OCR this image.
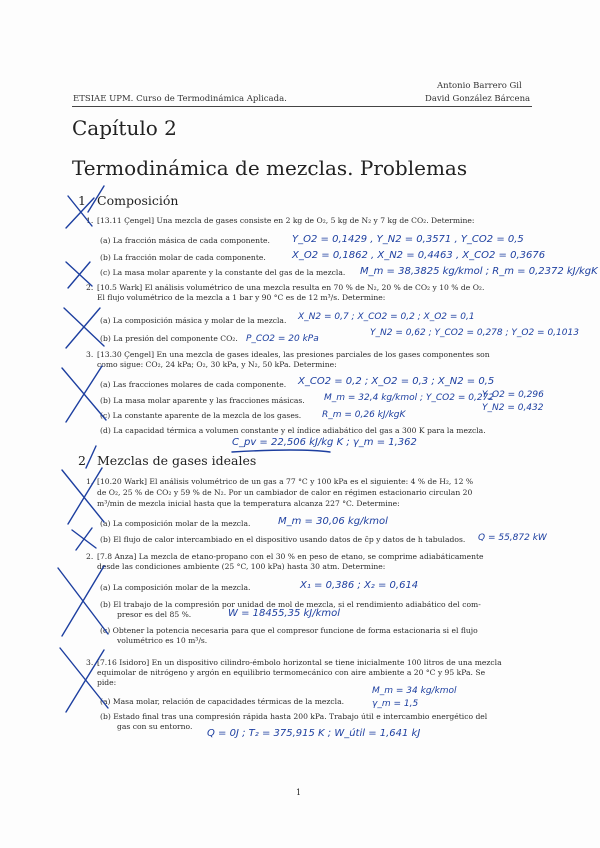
Antonio Barrero Gil
ETSIAE UPM. Curso de Termodinámica Aplicada.	David González Bárcena
Capítulo 2
Termodinámica de mezclas. Problemas
1 Composición
1. [13.11 Çengel] Una mezcla de gases consiste en 2 kg de O₂, 5 kg de N₂ y 7 kg de CO₂. Determine:
(a) La fracción másica de cada componente.
(b) La fracción molar de cada componente.
(c) La masa molar aparente y la constante del gas de la mezcla.
Y_O2 = 0,1429 , Y_N2 = 0,3571 , Y_CO2 = 0,5
X_O2 = 0,1862 , X_N2 = 0,4463 , X_CO2 = 0,3676
M_m = 38,3825 kg/kmol ; R_m = 0,2372 kJ/kgK
2. [10.5 Wark] El análisis volumétrico de una mezcla resulta en 70 % de N₂, 20 % de CO₂ y 10 % de O₂.
El flujo volumétrico de la mezcla a 1 bar y 90 °C es de 12 m³/s. Determine:
(a) La composición másica y molar de la mezcla.
(b) La presión del componente CO₂.
X_N2 = 0,7 ; X_CO2 = 0,2 ; X_O2 = 0,1
Y_N2 = 0,62 ; Y_CO2 = 0,278 ; Y_O2 = 0,1013
P_CO2 = 20 kPa
3. [13.30 Çengel] En una mezcla de gases ideales, las presiones parciales de los gases componentes son
como sigue: CO₂, 24 kPa; O₂, 30 kPa, y N₂, 50 kPa. Determine:
(a) Las fracciones molares de cada componente.
(b) La masa molar aparente y las fracciones másicas.
(c) La constante aparente de la mezcla de los gases.
(d) La capacidad térmica a volumen constante y el índice adiabático del gas a 300 K para la mezcla.
X_CO2 = 0,2 ; X_O2 = 0,3 ; X_N2 = 0,5
M_m = 32,4 kg/kmol ; Y_CO2 = 0,272
Y_O2 = 0,296
Y_N2 = 0,432
R_m = 0,26 kJ/kgK
C_pv = 22,506 kJ/kg K ; γ_m = 1,362
2 Mezclas de gases ideales
1. [10.20 Wark] El análisis volumétrico de un gas a 77 °C y 100 kPa es el siguiente: 4 % de H₂, 12 %
de O₂, 25 % de CO₂ y 59 % de N₂. Por un cambiador de calor en régimen estacionario circulan 20
m³/min de mezcla inicial hasta que la temperatura alcanza 227 °C. Determine:
(a) La composición molar de la mezcla.
(b) El flujo de calor intercambiado en el dispositivo usando datos de c̄p y datos de h tabulados.
M_m = 30,06 kg/kmol
Q = 55,872 kW
2. [7.8 Anza] La mezcla de etano-propano con el 30 % en peso de etano, se comprime adiabáticamente
desde las condiciones ambiente (25 °C, 100 kPa) hasta 30 atm. Determine:
(a) La composición molar de la mezcla.
(b) El trabajo de la compresión por unidad de mol de mezcla, si el rendimiento adiabático del com-
presor es del 85 %.
(c) Obtener la potencia necesaria para que el compresor funcione de forma estacionaria si el flujo
volumétrico es 10 m³/s.
X₁ = 0,386 ; X₂ = 0,614
W = 18455,35 kJ/kmol
3. [7.16 Isidoro] En un dispositivo cilindro-émbolo horizontal se tiene inicialmente 100 litros de una mezcla
equimolar de nitrógeno y argón en equilibrio termomecánico con aire ambiente a 20 °C y 95 kPa. Se
pide:
(a) Masa molar, relación de capacidades térmicas de la mezcla.
(b) Estado final tras una compresión rápida hasta 200 kPa. Trabajo útil e intercambio energético del
gas con su entorno.
M_m = 34 kg/kmol
γ_m = 1,5
Q = 0J ; T₂ = 375,915 K ; W_útil = 1,641 kJ
1
